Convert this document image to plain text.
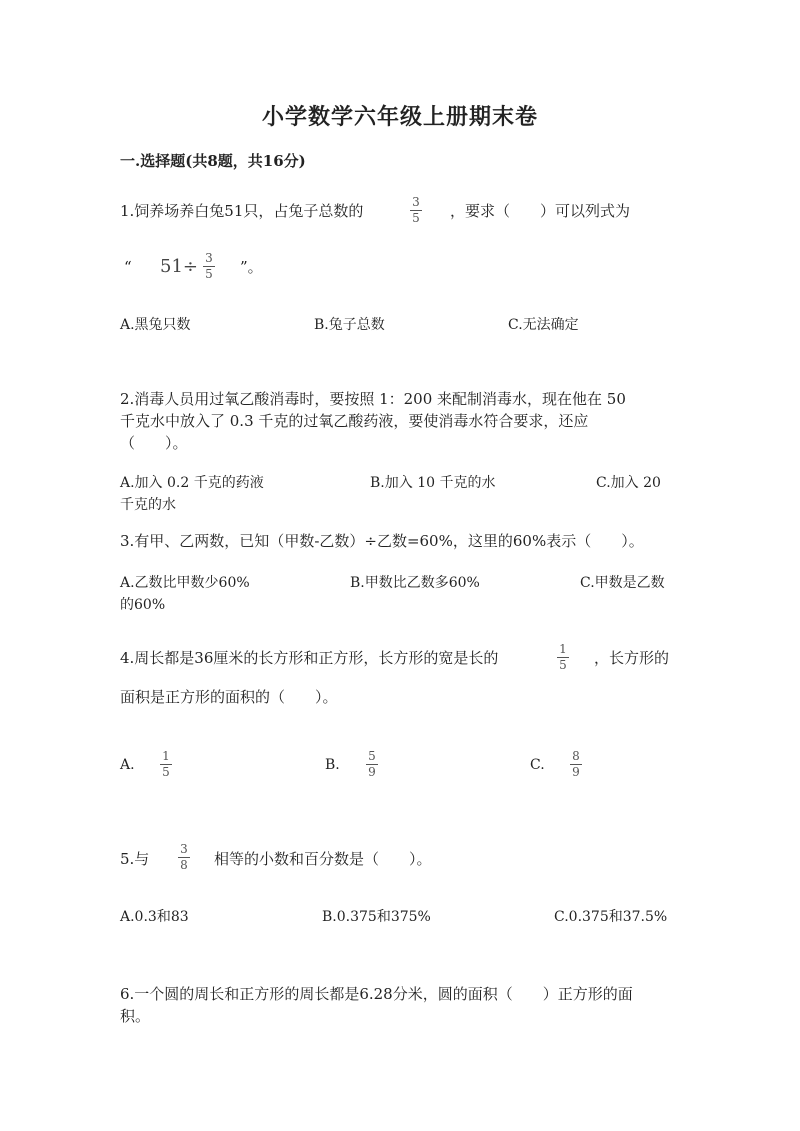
小学数学六年级上册期末卷
一.选择题(共8题，共16分)
1.饲养场养白兔51只，占兔子总数的	3
5 ，要求（　　）可以列式为
“ 51÷ 3
5 ”。
A.黑兔只数	B.兔子总数	C.无法确定
2.消毒人员用过氧乙酸消毒时，要按照 1：200 来配制消毒水，现在他在 50
千克水中放入了 0.3 千克的过氧乙酸药液，要使消毒水符合要求，还应
（　　）。
A.加入 0.2 千克的药液	B.加入 10 千克的水	C.加入 20
千克的水
3.有甲、乙两数，已知（甲数-乙数）÷乙数=60%，这里的60%表示（　　）。
A.乙数比甲数少60%	B.甲数比乙数多60%	C.甲数是乙数
的60%
4.周长都是36厘米的长方形和正方形，长方形的宽是长的	1
5 ，长方形的
面积是正方形的面积的（　　）。
A.
1
5	B.
5
9	C.
8
9
5.与
3
8 相等的小数和百分数是（　　）。
A.0.3和83	B.0.375和375%	C.0.375和37.5%
6.一个圆的周长和正方形的周长都是6.28分米，圆的面积（　　）正方形的面
积。
